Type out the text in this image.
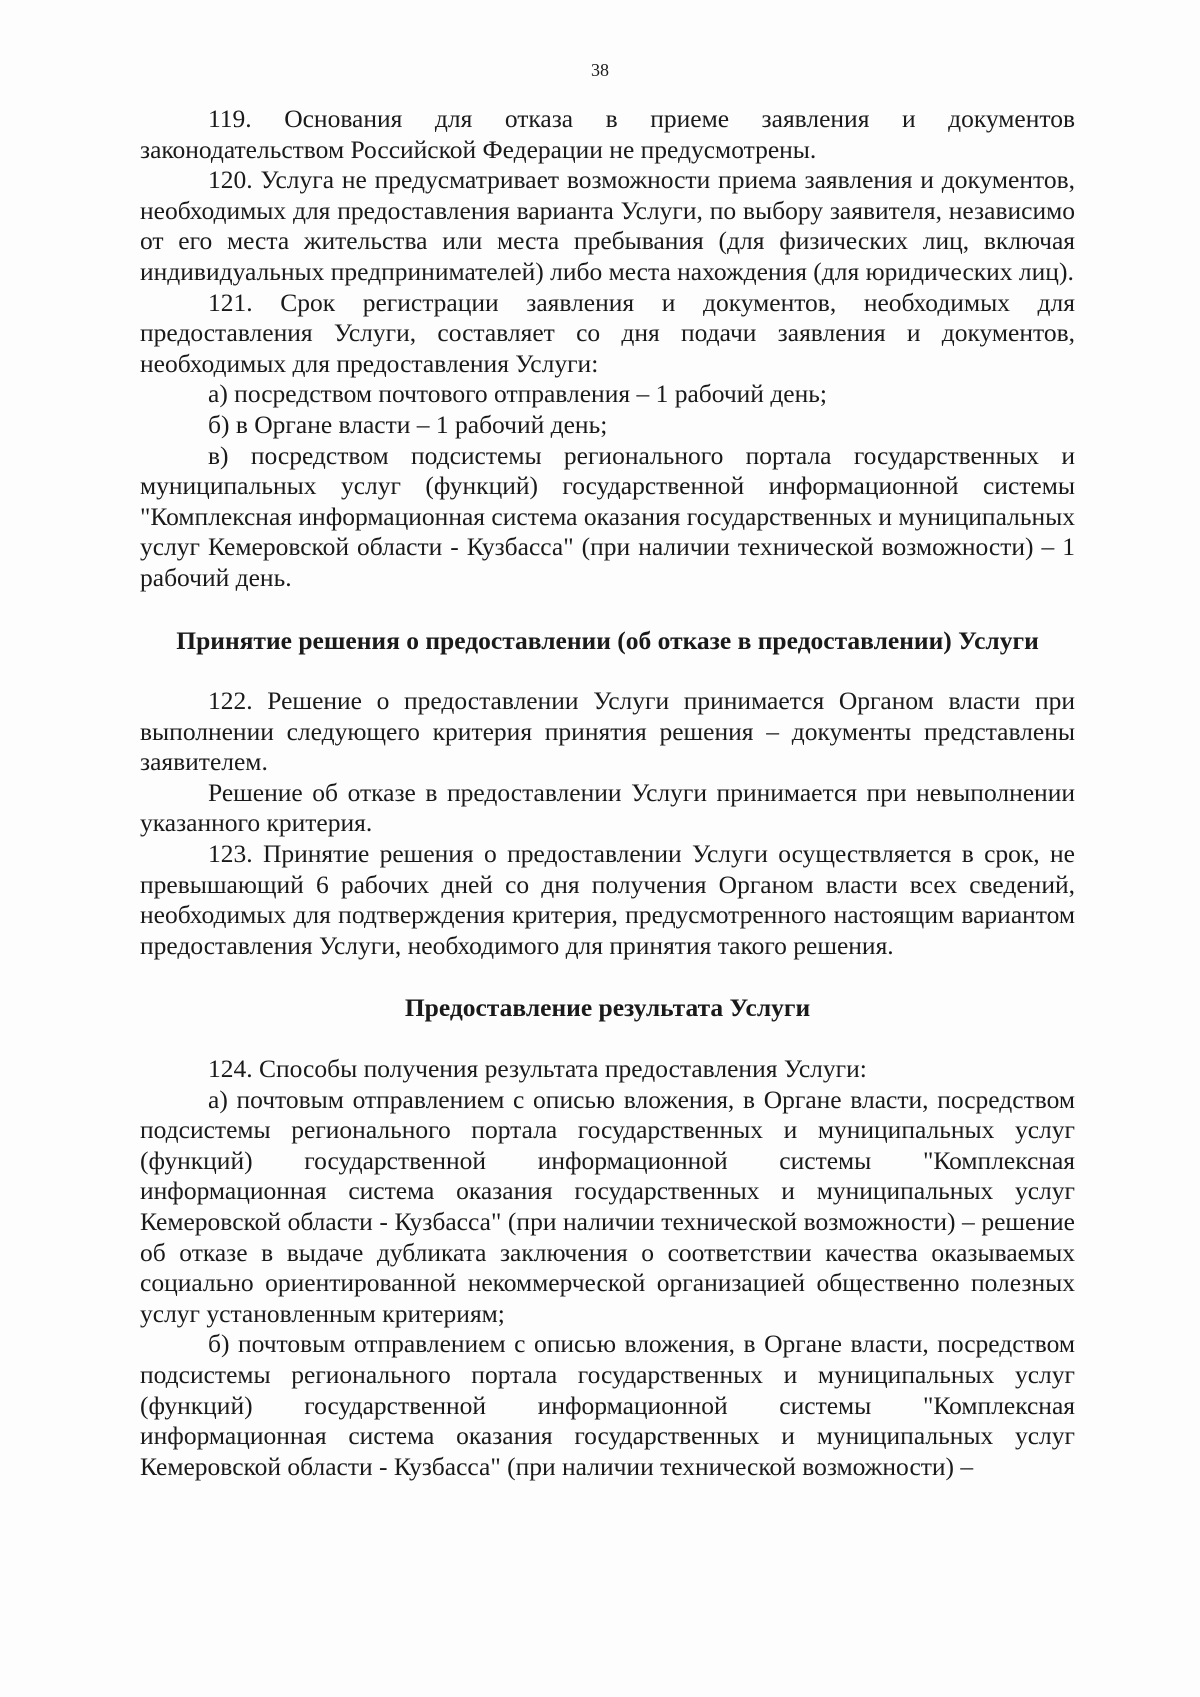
38

119. Основания для отказа в приеме заявления и документов законодательством Российской Федерации не предусмотрены.

120. Услуга не предусматривает возможности приема заявления и документов, необходимых для предоставления варианта Услуги, по выбору заявителя, независимо от его места жительства или места пребывания (для физических лиц, включая индивидуальных предпринимателей) либо места нахождения (для юридических лиц).

121. Срок регистрации заявления и документов, необходимых для предоставления Услуги, составляет со дня подачи заявления и документов, необходимых для предоставления Услуги:

а) посредством почтового отправления – 1 рабочий день;

б) в Органе власти – 1 рабочий день;

в) посредством подсистемы регионального портала государственных и муниципальных услуг (функций) государственной информационной системы "Комплексная информационная система оказания государственных и муниципальных услуг Кемеровской области - Кузбасса" (при наличии технической возможности) – 1 рабочий день.

Принятие решения о предоставлении (об отказе в предоставлении) Услуги

122. Решение о предоставлении Услуги принимается Органом власти при выполнении следующего критерия принятия решения – документы представлены заявителем.

Решение об отказе в предоставлении Услуги принимается при невыполнении указанного критерия.

123. Принятие решения о предоставлении Услуги осуществляется в срок, не превышающий 6 рабочих дней со дня получения Органом власти всех сведений, необходимых для подтверждения критерия, предусмотренного настоящим вариантом предоставления Услуги, необходимого для принятия такого решения.

Предоставление результата Услуги

124. Способы получения результата предоставления Услуги:

а) почтовым отправлением с описью вложения, в Органе власти, посредством подсистемы регионального портала государственных и муниципальных услуг (функций) государственной информационной системы "Комплексная информационная система оказания государственных и муниципальных услуг Кемеровской области - Кузбасса" (при наличии технической возможности) – решение об отказе в выдаче дубликата заключения о соответствии качества оказываемых социально ориентированной некоммерческой организацией общественно полезных услуг установленным критериям;

б) почтовым отправлением с описью вложения, в Органе власти, посредством подсистемы регионального портала государственных и муниципальных услуг (функций) государственной информационной системы "Комплексная информационная система оказания государственных и муниципальных услуг Кемеровской области - Кузбасса" (при наличии технической возможности) –
